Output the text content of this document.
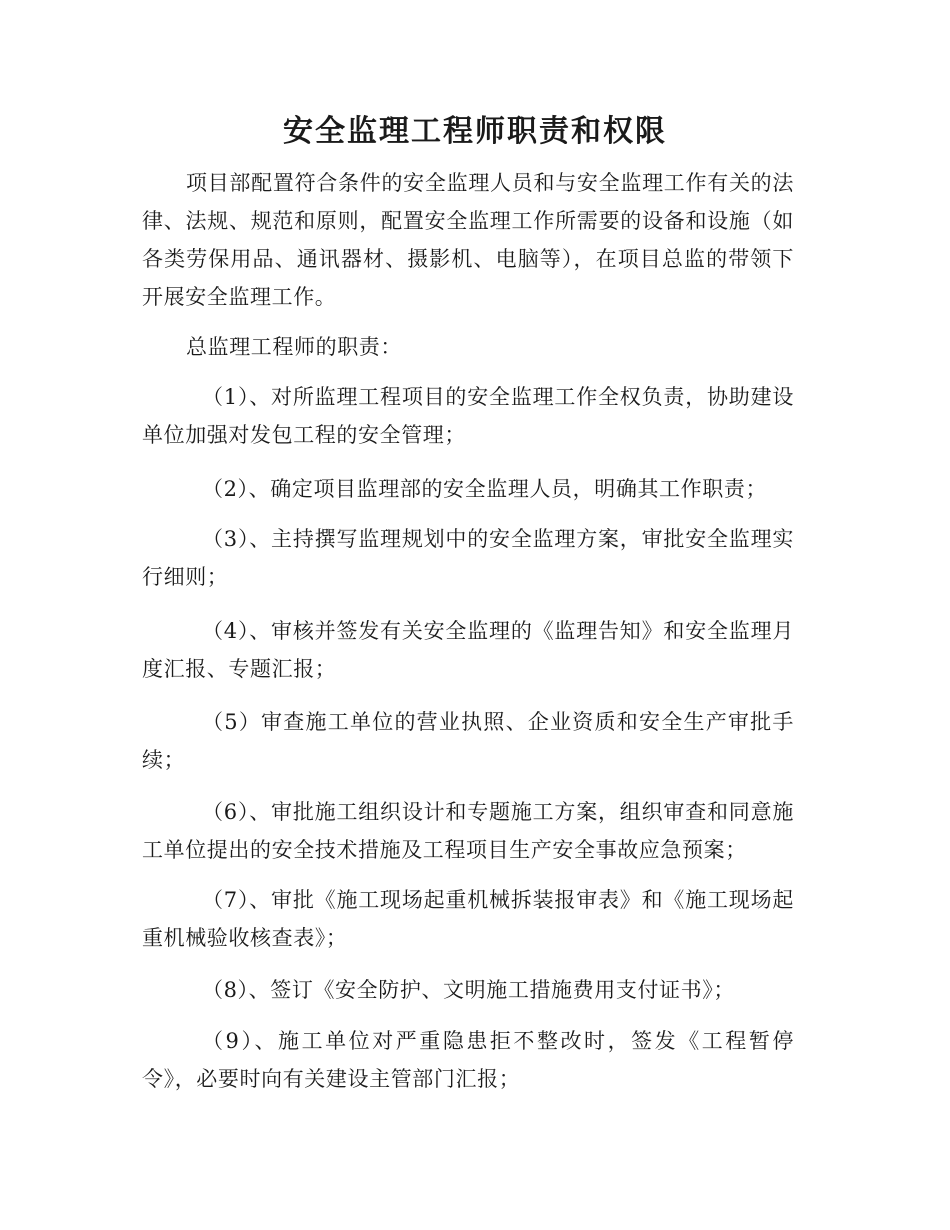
安全监理工程师职责和权限

项目部配置符合条件的安全监理人员和与安全监理工作有关的法律、法规、规范和原则，配置安全监理工作所需要的设备和设施（如各类劳保用品、通讯器材、摄影机、电脑等），在项目总监的带领下开展安全监理工作。

总监理工程师的职责：

（1）、对所监理工程项目的安全监理工作全权负责，协助建设单位加强对发包工程的安全管理；

（2）、确定项目监理部的安全监理人员，明确其工作职责；

（3）、主持撰写监理规划中的安全监理方案，审批安全监理实行细则；

（4）、审核并签发有关安全监理的《监理告知》和安全监理月度汇报、专题汇报；

（5）审查施工单位的营业执照、企业资质和安全生产审批手续；

（6）、审批施工组织设计和专题施工方案，组织审查和同意施工单位提出的安全技术措施及工程项目生产安全事故应急预案；

（7）、审批《施工现场起重机械拆装报审表》和《施工现场起重机械验收核查表》；

（8）、签订《安全防护、文明施工措施费用支付证书》；

（9）、施工单位对严重隐患拒不整改时，签发《工程暂停令》，必要时向有关建设主管部门汇报；
